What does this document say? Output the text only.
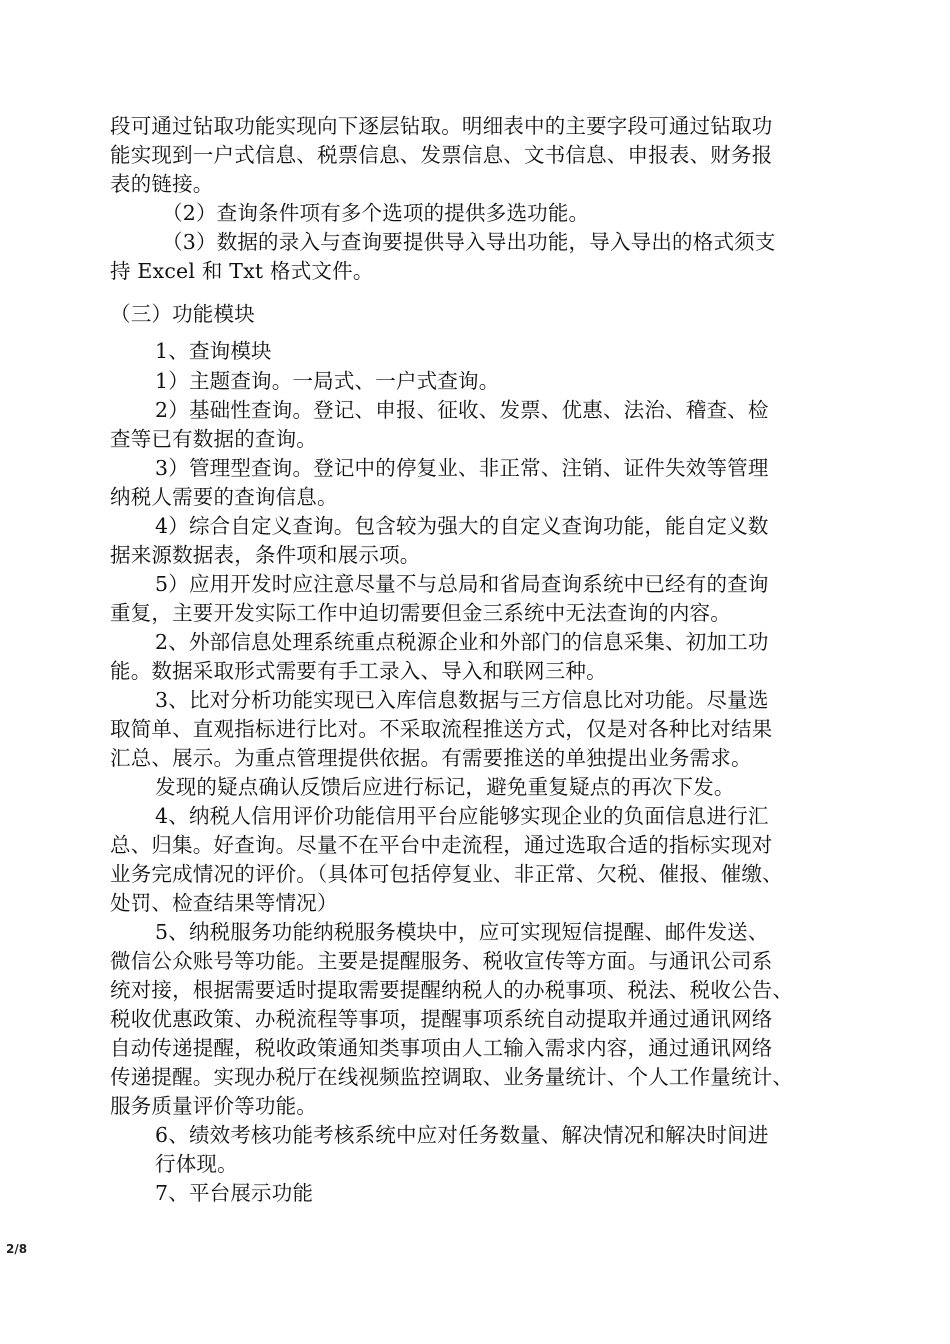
段可通过钻取功能实现向下逐层钻取。明细表中的主要字段可通过钻取功
能实现到一户式信息、税票信息、发票信息、文书信息、申报表、财务报
表的链接。
（2）查询条件项有多个选项的提供多选功能。
（3）数据的录入与查询要提供导入导出功能，导入导出的格式须支
持 Excel 和 Txt 格式文件。
（三）功能模块
1、查询模块
1）主题查询。一局式、一户式查询。
2）基础性查询。登记、申报、征收、发票、优惠、法治、稽查、检
查等已有数据的查询。
3）管理型查询。登记中的停复业、非正常、注销、证件失效等管理
纳税人需要的查询信息。
4）综合自定义查询。包含较为强大的自定义查询功能，能自定义数
据来源数据表，条件项和展示项。
5）应用开发时应注意尽量不与总局和省局查询系统中已经有的查询
重复，主要开发实际工作中迫切需要但金三系统中无法查询的内容。
2、外部信息处理系统重点税源企业和外部门的信息采集、初加工功
能。数据采取形式需要有手工录入、导入和联网三种。
3、比对分析功能实现已入库信息数据与三方信息比对功能。尽量选
取简单、直观指标进行比对。不采取流程推送方式，仅是对各种比对结果
汇总、展示。为重点管理提供依据。有需要推送的单独提出业务需求。
发现的疑点确认反馈后应进行标记，避免重复疑点的再次下发。
4、纳税人信用评价功能信用平台应能够实现企业的负面信息进行汇
总、归集。好查询。尽量不在平台中走流程，通过选取合适的指标实现对
业务完成情况的评价。（具体可包括停复业、非正常、欠税、催报、催缴、
处罚、检查结果等情况）
5、纳税服务功能纳税服务模块中，应可实现短信提醒、邮件发送、
微信公众账号等功能。主要是提醒服务、税收宣传等方面。与通讯公司系
统对接，根据需要适时提取需要提醒纳税人的办税事项、税法、税收公告、
税收优惠政策、办税流程等事项，提醒事项系统自动提取并通过通讯网络
自动传递提醒，税收政策通知类事项由人工输入需求内容，通过通讯网络
传递提醒。实现办税厅在线视频监控调取、业务量统计、个人工作量统计、
服务质量评价等功能。
6、绩效考核功能考核系统中应对任务数量、解决情况和解决时间进
行体现。
7、平台展示功能
2/8
